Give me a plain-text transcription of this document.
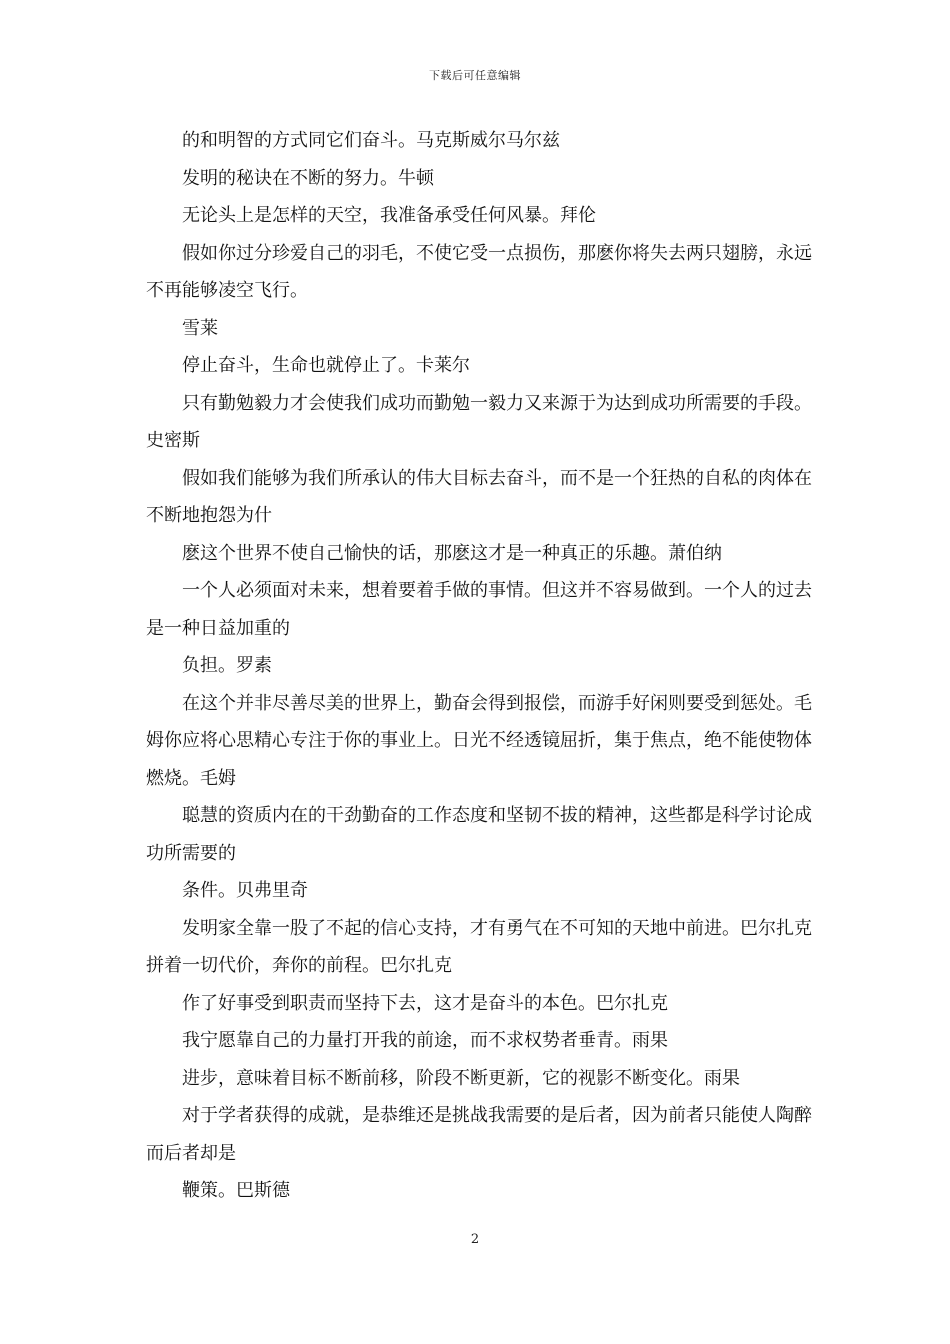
下载后可任意编辑

的和明智的方式同它们奋斗。马克斯威尔马尔兹

发明的秘诀在不断的努力。牛顿

无论头上是怎样的天空，我准备承受任何风暴。拜伦

假如你过分珍爱自己的羽毛，不使它受一点损伤，那麽你将失去两只翅膀，永远不再能够凌空飞行。

雪莱

停止奋斗，生命也就停止了。卡莱尔

只有勤勉毅力才会使我们成功而勤勉一毅力又来源于为达到成功所需要的手段。史密斯

假如我们能够为我们所承认的伟大目标去奋斗，而不是一个狂热的自私的肉体在不断地抱怨为什

麽这个世界不使自己愉快的话，那麽这才是一种真正的乐趣。萧伯纳

一个人必须面对未来，想着要着手做的事情。但这并不容易做到。一个人的过去是一种日益加重的

负担。罗素

在这个并非尽善尽美的世界上，勤奋会得到报偿，而游手好闲则要受到惩处。毛姆你应将心思精心专注于你的事业上。日光不经透镜屈折，集于焦点，绝不能使物体燃烧。毛姆

聪慧的资质内在的干劲勤奋的工作态度和坚韧不拔的精神，这些都是科学讨论成功所需要的

条件。贝弗里奇

发明家全靠一股了不起的信心支持，才有勇气在不可知的天地中前进。巴尔扎克拼着一切代价，奔你的前程。巴尔扎克

作了好事受到职责而坚持下去，这才是奋斗的本色。巴尔扎克

我宁愿靠自己的力量打开我的前途，而不求权势者垂青。雨果

进步，意味着目标不断前移，阶段不断更新，它的视影不断变化。雨果

对于学者获得的成就，是恭维还是挑战我需要的是后者，因为前者只能使人陶醉而后者却是

鞭策。巴斯德

2
